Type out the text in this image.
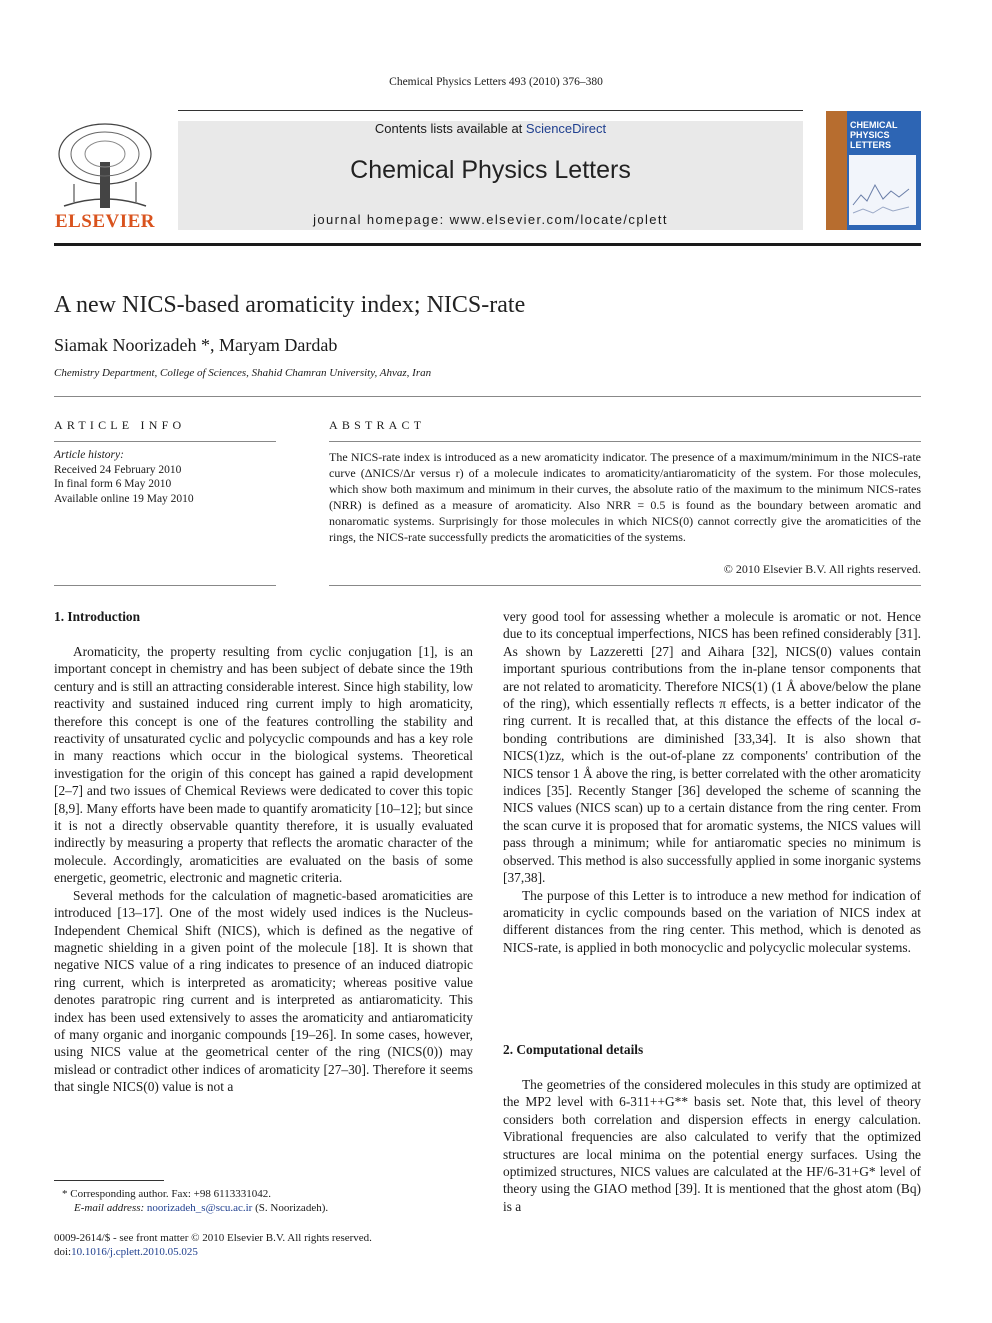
Chemical Physics Letters 493 (2010) 376–380
ELSEVIER
Contents lists available at ScienceDirect
Chemical Physics Letters
journal homepage: www.elsevier.com/locate/cplett
CHEMICAL PHYSICS LETTERS
A new NICS-based aromaticity index; NICS-rate
Siamak Noorizadeh *, Maryam Dardab
Chemistry Department, College of Sciences, Shahid Chamran University, Ahvaz, Iran
ARTICLE INFO
Article history:
Received 24 February 2010
In final form 6 May 2010
Available online 19 May 2010
ABSTRACT
The NICS-rate index is introduced as a new aromaticity indicator. The presence of a maximum/minimum in the NICS-rate curve (ΔNICS/Δr versus r) of a molecule indicates to aromaticity/antiaromaticity of the system. For those molecules, which show both maximum and minimum in their curves, the absolute ratio of the maximum to the minimum NICS-rates (NRR) is defined as a measure of aromaticity. Also NRR = 0.5 is found as the boundary between aromatic and nonaromatic systems. Surprisingly for those molecules in which NICS(0) cannot correctly give the aromaticities of the rings, the NICS-rate successfully predicts the aromaticities of the systems.
© 2010 Elsevier B.V. All rights reserved.
1. Introduction

Aromaticity, the property resulting from cyclic conjugation [1], is an important concept in chemistry and has been subject of debate since the 19th century and is still an attracting considerable interest. Since high stability, low reactivity and sustained induced ring current imply to high aromaticity, therefore this concept is one of the features controlling the stability and reactivity of unsaturated cyclic and polycyclic compounds and has a key role in many reactions which occur in the biological systems. Theoretical investigation for the origin of this concept has gained a rapid development [2–7] and two issues of Chemical Reviews were dedicated to cover this topic [8,9]. Many efforts have been made to quantify aromaticity [10–12]; but since it is not a directly observable quantity therefore, it is usually evaluated indirectly by measuring a property that reflects the aromatic character of the molecule. Accordingly, aromaticities are evaluated on the basis of some energetic, geometric, electronic and magnetic criteria.

Several methods for the calculation of magnetic-based aromaticities are introduced [13–17]. One of the most widely used indices is the Nucleus-Independent Chemical Shift (NICS), which is defined as the negative of magnetic shielding in a given point of the molecule [18]. It is shown that negative NICS value of a ring indicates to presence of an induced diatropic ring current, which is interpreted as aromaticity; whereas positive value denotes paratropic ring current and is interpreted as antiaromaticity. This index has been used extensively to asses the aromaticity and antiaromaticity of many organic and inorganic compounds [19–26]. In some cases, however, using NICS value at the geometrical center of the ring (NICS(0)) may mislead or contradict other indices of aromaticity [27–30]. Therefore it seems that single NICS(0) value is not a

very good tool for assessing whether a molecule is aromatic or not. Hence due to its conceptual imperfections, NICS has been refined considerably [31]. As shown by Lazzeretti [27] and Aihara [32], NICS(0) values contain important spurious contributions from the in-plane tensor components that are not related to aromaticity. Therefore NICS(1) (1 Å above/below the plane of the ring), which essentially reflects π effects, is a better indicator of the ring current. It is recalled that, at this distance the effects of the local σ-bonding contributions are diminished [33,34]. It is also shown that NICS(1)zz, which is the out-of-plane zz components' contribution of the NICS tensor 1 Å above the ring, is better correlated with the other aromaticity indices [35]. Recently Stanger [36] developed the scheme of scanning the NICS values (NICS scan) up to a certain distance from the ring center. From the scan curve it is proposed that for aromatic systems, the NICS values will pass through a minimum; while for antiaromatic species no minimum is observed. This method is also successfully applied in some inorganic systems [37,38].

The purpose of this Letter is to introduce a new method for indication of aromaticity in cyclic compounds based on the variation of NICS index at different distances from the ring center. This method, which is denoted as NICS-rate, is applied in both monocyclic and polycyclic molecular systems.

2. Computational details

The geometries of the considered molecules in this study are optimized at the MP2 level with 6-311++G** basis set. Note that, this level of theory considers both correlation and dispersion effects in energy calculation. Vibrational frequencies are also calculated to verify that the optimized structures are local minima on the potential energy surfaces. Using the optimized structures, NICS values are calculated at the HF/6-31+G* level of theory using the GIAO method [39]. It is mentioned that the ghost atom (Bq) is a

* Corresponding author. Fax: +98 6113331042.
E-mail address: noorizadeh_s@scu.ac.ir (S. Noorizadeh).
0009-2614/$ - see front matter © 2010 Elsevier B.V. All rights reserved.
doi:10.1016/j.cplett.2010.05.025
